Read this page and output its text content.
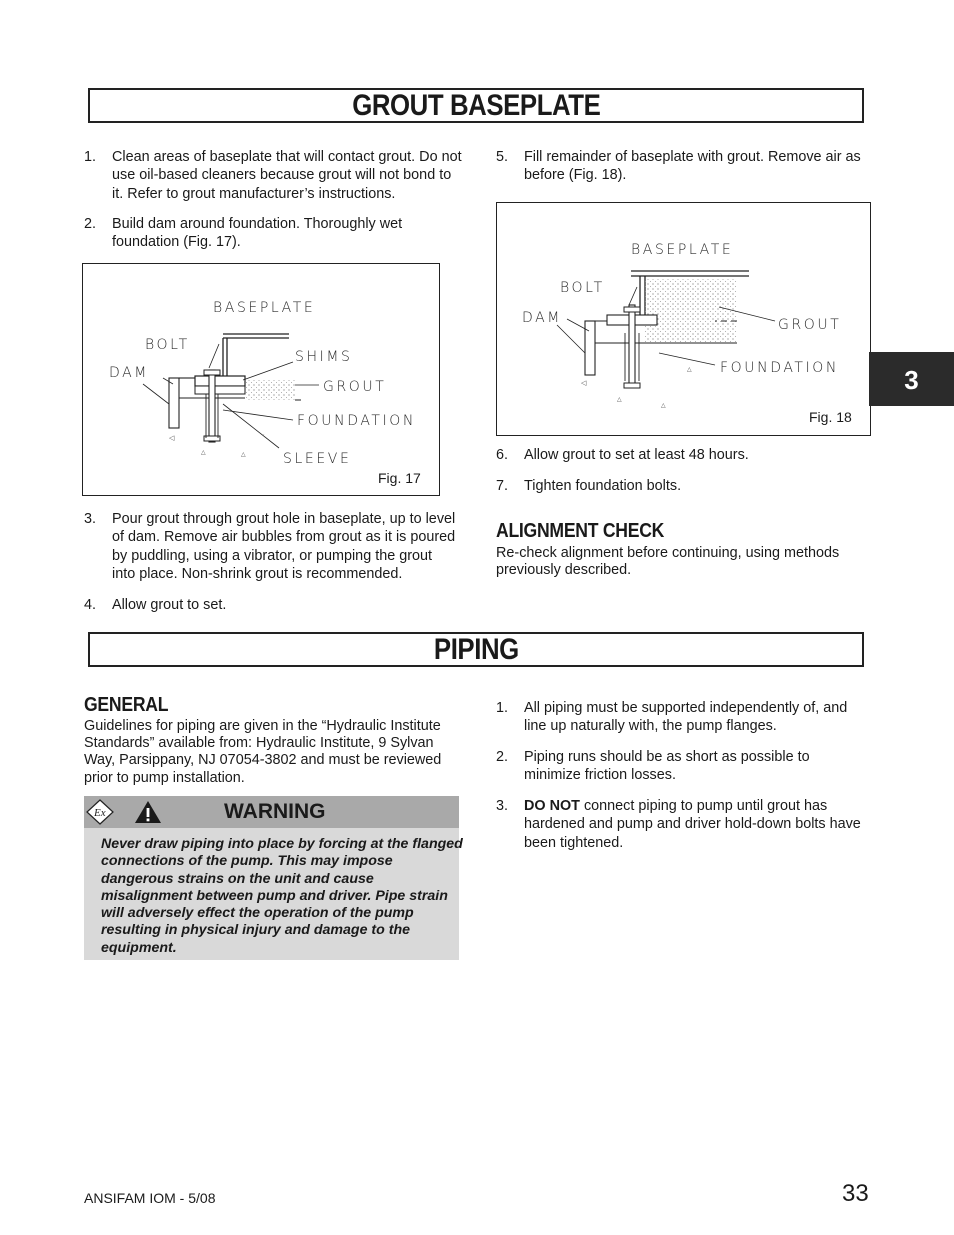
GROUT BASEPLATE
1. Clean areas of baseplate that will contact grout. Do not use oil-based cleaners because grout will not bond to it. Refer to grout manufacturer’s instructions.
2. Build dam around foundation. Thoroughly wet foundation (Fig. 17).
◁
△	△
·
BASEPLATE
BOLT
SHIMS
DAM
GROUT
FOUNDATION
SLEEVE
Fig. 17
3. Pour grout through grout hole in baseplate, up to level of dam. Remove air bubbles from grout as it is poured by puddling, using a vibrator, or pumping the grout into place. Non-shrink grout is recommended.
4. Allow grout to set.
5. Fill remainder of baseplate with grout. Remove air as before (Fig. 18).
◁
△
△
△
BASEPLATE
BOLT
DAM	GROUT
FOUNDATION
Fig. 18
6. Allow grout to set at least 48 hours.
7. Tighten foundation bolts.
ALIGNMENT CHECK
Re-check alignment before continuing, using methods previously described.
3
PIPING
GENERAL
Guidelines for piping are given in the “Hydraulic Institute Standards” available from: Hydraulic Institute, 9 Sylvan Way, Parsippany, NJ 07054-3802 and must be reviewed prior to pump installation.
Ex	WARNING
Never draw piping into place by forcing at the flanged connections of the pump. This may impose dangerous strains on the unit and cause misalignment between pump and driver. Pipe strain will adversely effect the operation of the pump resulting in physical injury and damage to the equipment.
1. All piping must be supported independently of, and line up naturally with, the pump flanges.
2. Piping runs should be as short as possible to minimize friction losses.
3. DO NOT connect piping to pump until grout has hardened and pump and driver hold-down bolts have been tightened.
ANSIFAM IOM - 5/08	33
